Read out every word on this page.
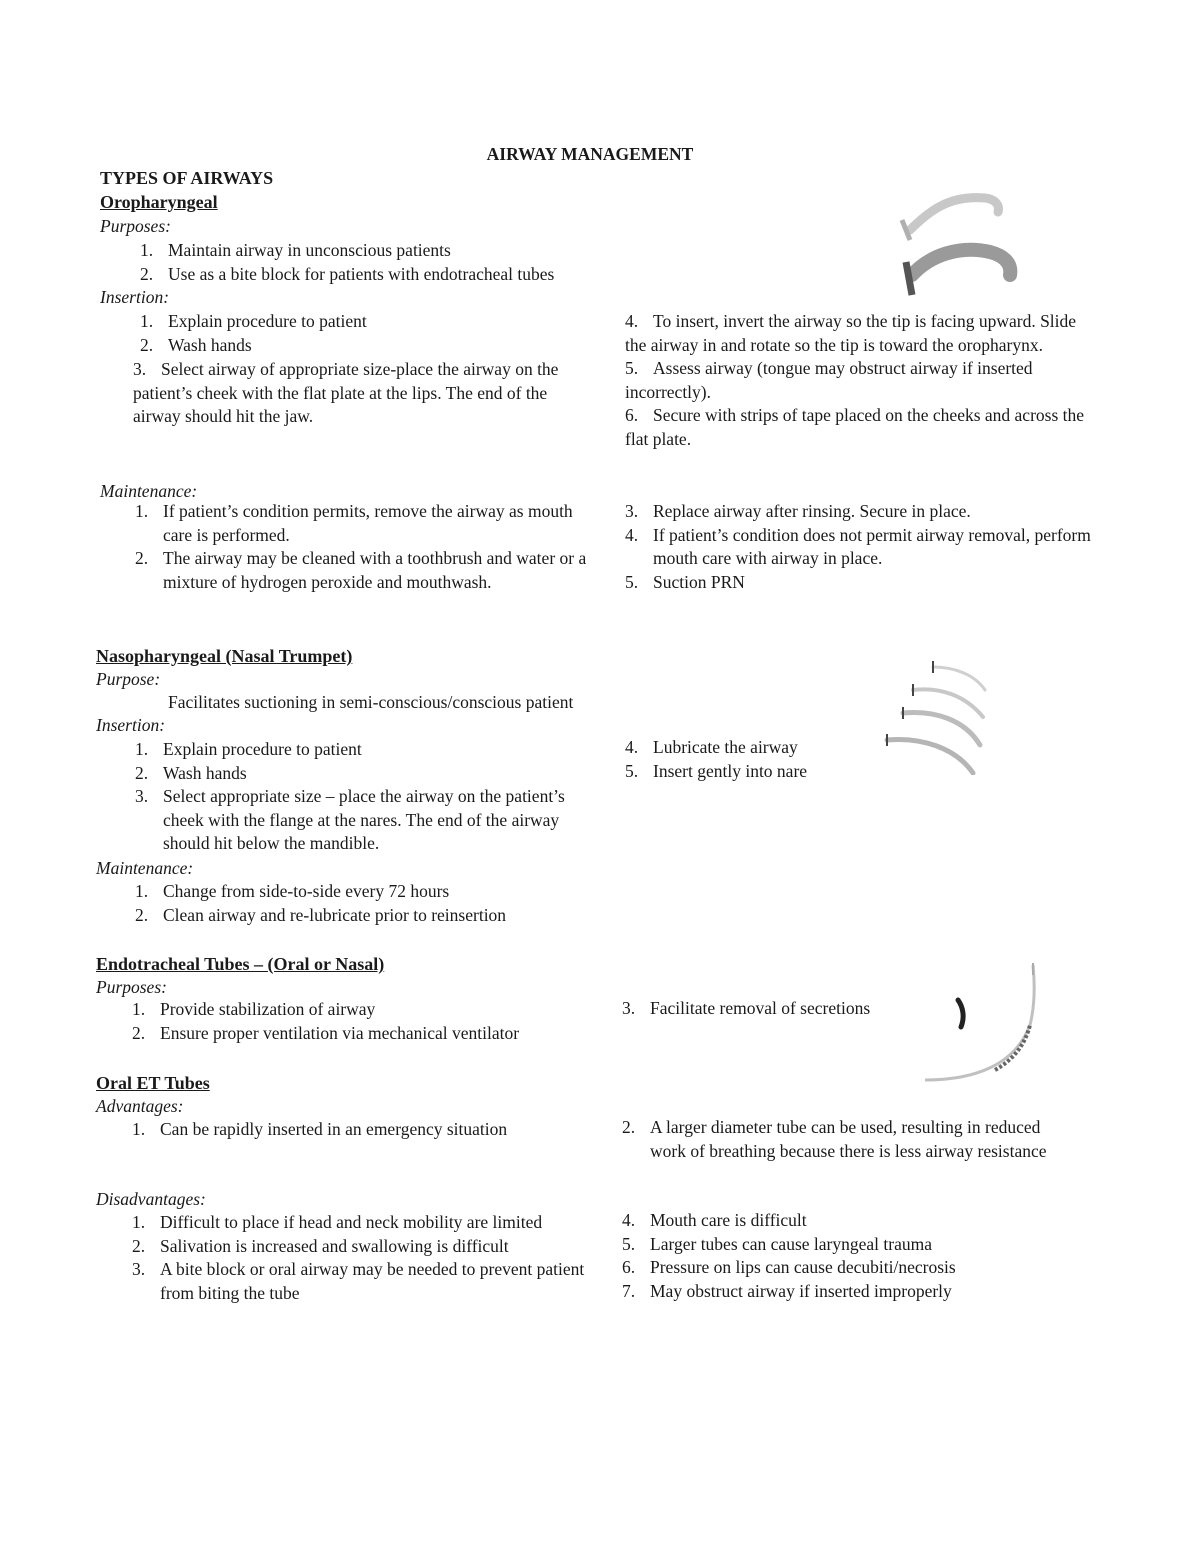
AIRWAY MANAGEMENT
TYPES OF AIRWAYS
Oropharyngeal
Purposes:
1. Maintain airway in unconscious patients
2. Use as a bite block for patients with endotracheal tubes
Insertion:
1. Explain procedure to patient
2. Wash hands

3. Select airway of appropriate size-place the airway on the patient’s cheek with the flat plate at the lips. The end of the airway should hit the jaw.

4. To insert, invert the airway so the tip is facing upward. Slide the airway in and rotate so the tip is toward the oropharynx.

5. Assess airway (tongue may obstruct airway if inserted incorrectly).

6. Secure with strips of tape placed on the cheeks and across the flat plate.

Maintenance:
1. If patient’s condition permits, remove the airway as mouth care is performed.
2. The airway may be cleaned with a toothbrush and water or a mixture of hydrogen peroxide and mouthwash.
3. Replace airway after rinsing. Secure in place.
4. If patient’s condition does not permit airway removal, perform mouth care with airway in place.
5. Suction PRN
Nasopharyngeal (Nasal Trumpet)
Purpose:
Facilitates suctioning in semi-conscious/conscious patient
Insertion:
1. Explain procedure to patient
2. Wash hands
3. Select appropriate size – place the airway on the patient’s cheek with the flange at the nares. The end of the airway should hit below the mandible.
4. Lubricate the airway
5. Insert gently into nare
Maintenance:
1. Change from side-to-side every 72 hours
2. Clean airway and re-lubricate prior to reinsertion
Endotracheal Tubes – (Oral or Nasal)
Purposes:
1. Provide stabilization of airway
2. Ensure proper ventilation via mechanical ventilator
3. Facilitate removal of secretions
Oral ET Tubes
Advantages:
1. Can be rapidly inserted in an emergency situation	2. A larger diameter tube can be used, resulting in reduced work of breathing because there is less airway resistance
Disadvantages:
1. Difficult to place if head and neck mobility are limited
2. Salivation is increased and swallowing is difficult
3. A bite block or oral airway may be needed to prevent patient from biting the tube
4. Mouth care is difficult
5. Larger tubes can cause laryngeal trauma
6. Pressure on lips can cause decubiti/necrosis
7. May obstruct airway if inserted improperly
